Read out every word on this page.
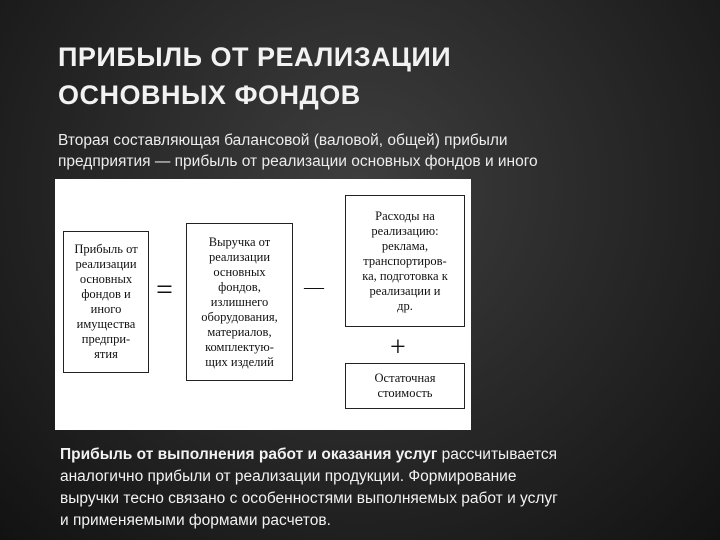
ПРИБЫЛЬ ОТ РЕАЛИЗАЦИИ
ОСНОВНЫХ ФОНДОВ

Вторая составляющая балансовой (валовой, общей) прибыли
предприятия — прибыль от реализации основных фондов и иного

Прибыль от
реализации
основных
фондов и
иного
имущества
предпри-
ятия
=
Выручка от
реализации
основных
фондов,
излишнего
оборудования,
материалов,
комплектую-
щих изделий
—
Расходы на
реализацию:
реклама,
транспортиров-
ка, подготовка к
реализации и
др.
+
Остаточная
стоимость

Прибыль от выполнения работ и оказания услуг рассчитывается
аналогично прибыли от реализации продукции. Формирование
выручки тесно связано с особенностями выполняемых работ и услуг
и применяемыми формами расчетов.
